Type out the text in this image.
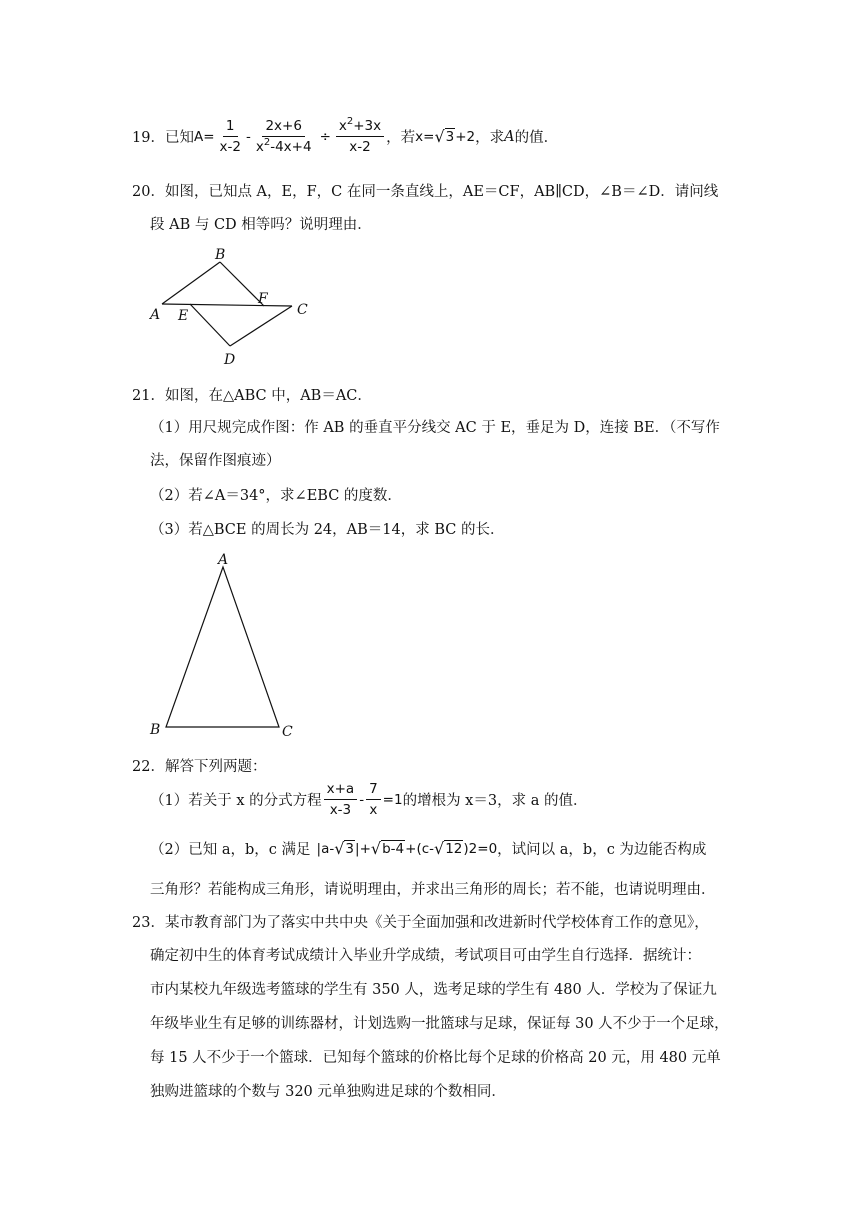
19． 已知 $A= \frac{1}{x-2} - \frac{2x+6}{x^2-4x+4} \div \frac{x^2+3x}{x-2}$ ，若 x= √ 3 +2 ，求 A 的值．
20．如图，已知点 A，E，F，C 在同一条直线上，AE＝CF，AB∥CD，∠B＝∠D．请问线
段 AB 与 CD 相等吗？说明理由．
B
A E
F
C
D
21．如图，在△ABC 中，AB＝AC．
（1）用尺规完成作图：作 AB 的垂直平分线交 AC 于 E，垂足为 D，连接 BE．（不写作
法，保留作图痕迹）
（2）若∠A＝34°，求∠EBC 的度数．
（3）若△BCE 的周长为 24，AB＝14，求 BC 的长．
A
B	C
22．解答下列两题：
（1）若关于 x 的分式方程 $\frac{x+a}{x-3} - \frac{7}{x} =1$ 的增根为 x＝3，求 a 的值．
（2）已知 a，b，c 满足 | a- √ 3 | + √ b-4 + (c- √ 12 ) 2 =0 ，试问以 a，b，c 为边能否构成
三角形？若能构成三角形，请说明理由，并求出三角形的周长；若不能，也请说明理由．
23．某市教育部门为了落实中共中央《关于全面加强和改进新时代学校体育工作的意见》，
确定初中生的体育考试成绩计入毕业升学成绩，考试项目可由学生自行选择．据统计：
市内某校九年级选考篮球的学生有 350 人，选考足球的学生有 480 人．学校为了保证九
年级毕业生有足够的训练器材，计划选购一批篮球与足球，保证每 30 人不少于一个足球，
每 15 人不少于一个篮球．已知每个篮球的价格比每个足球的价格高 20 元，用 480 元单
独购进篮球的个数与 320 元单独购进足球的个数相同．
